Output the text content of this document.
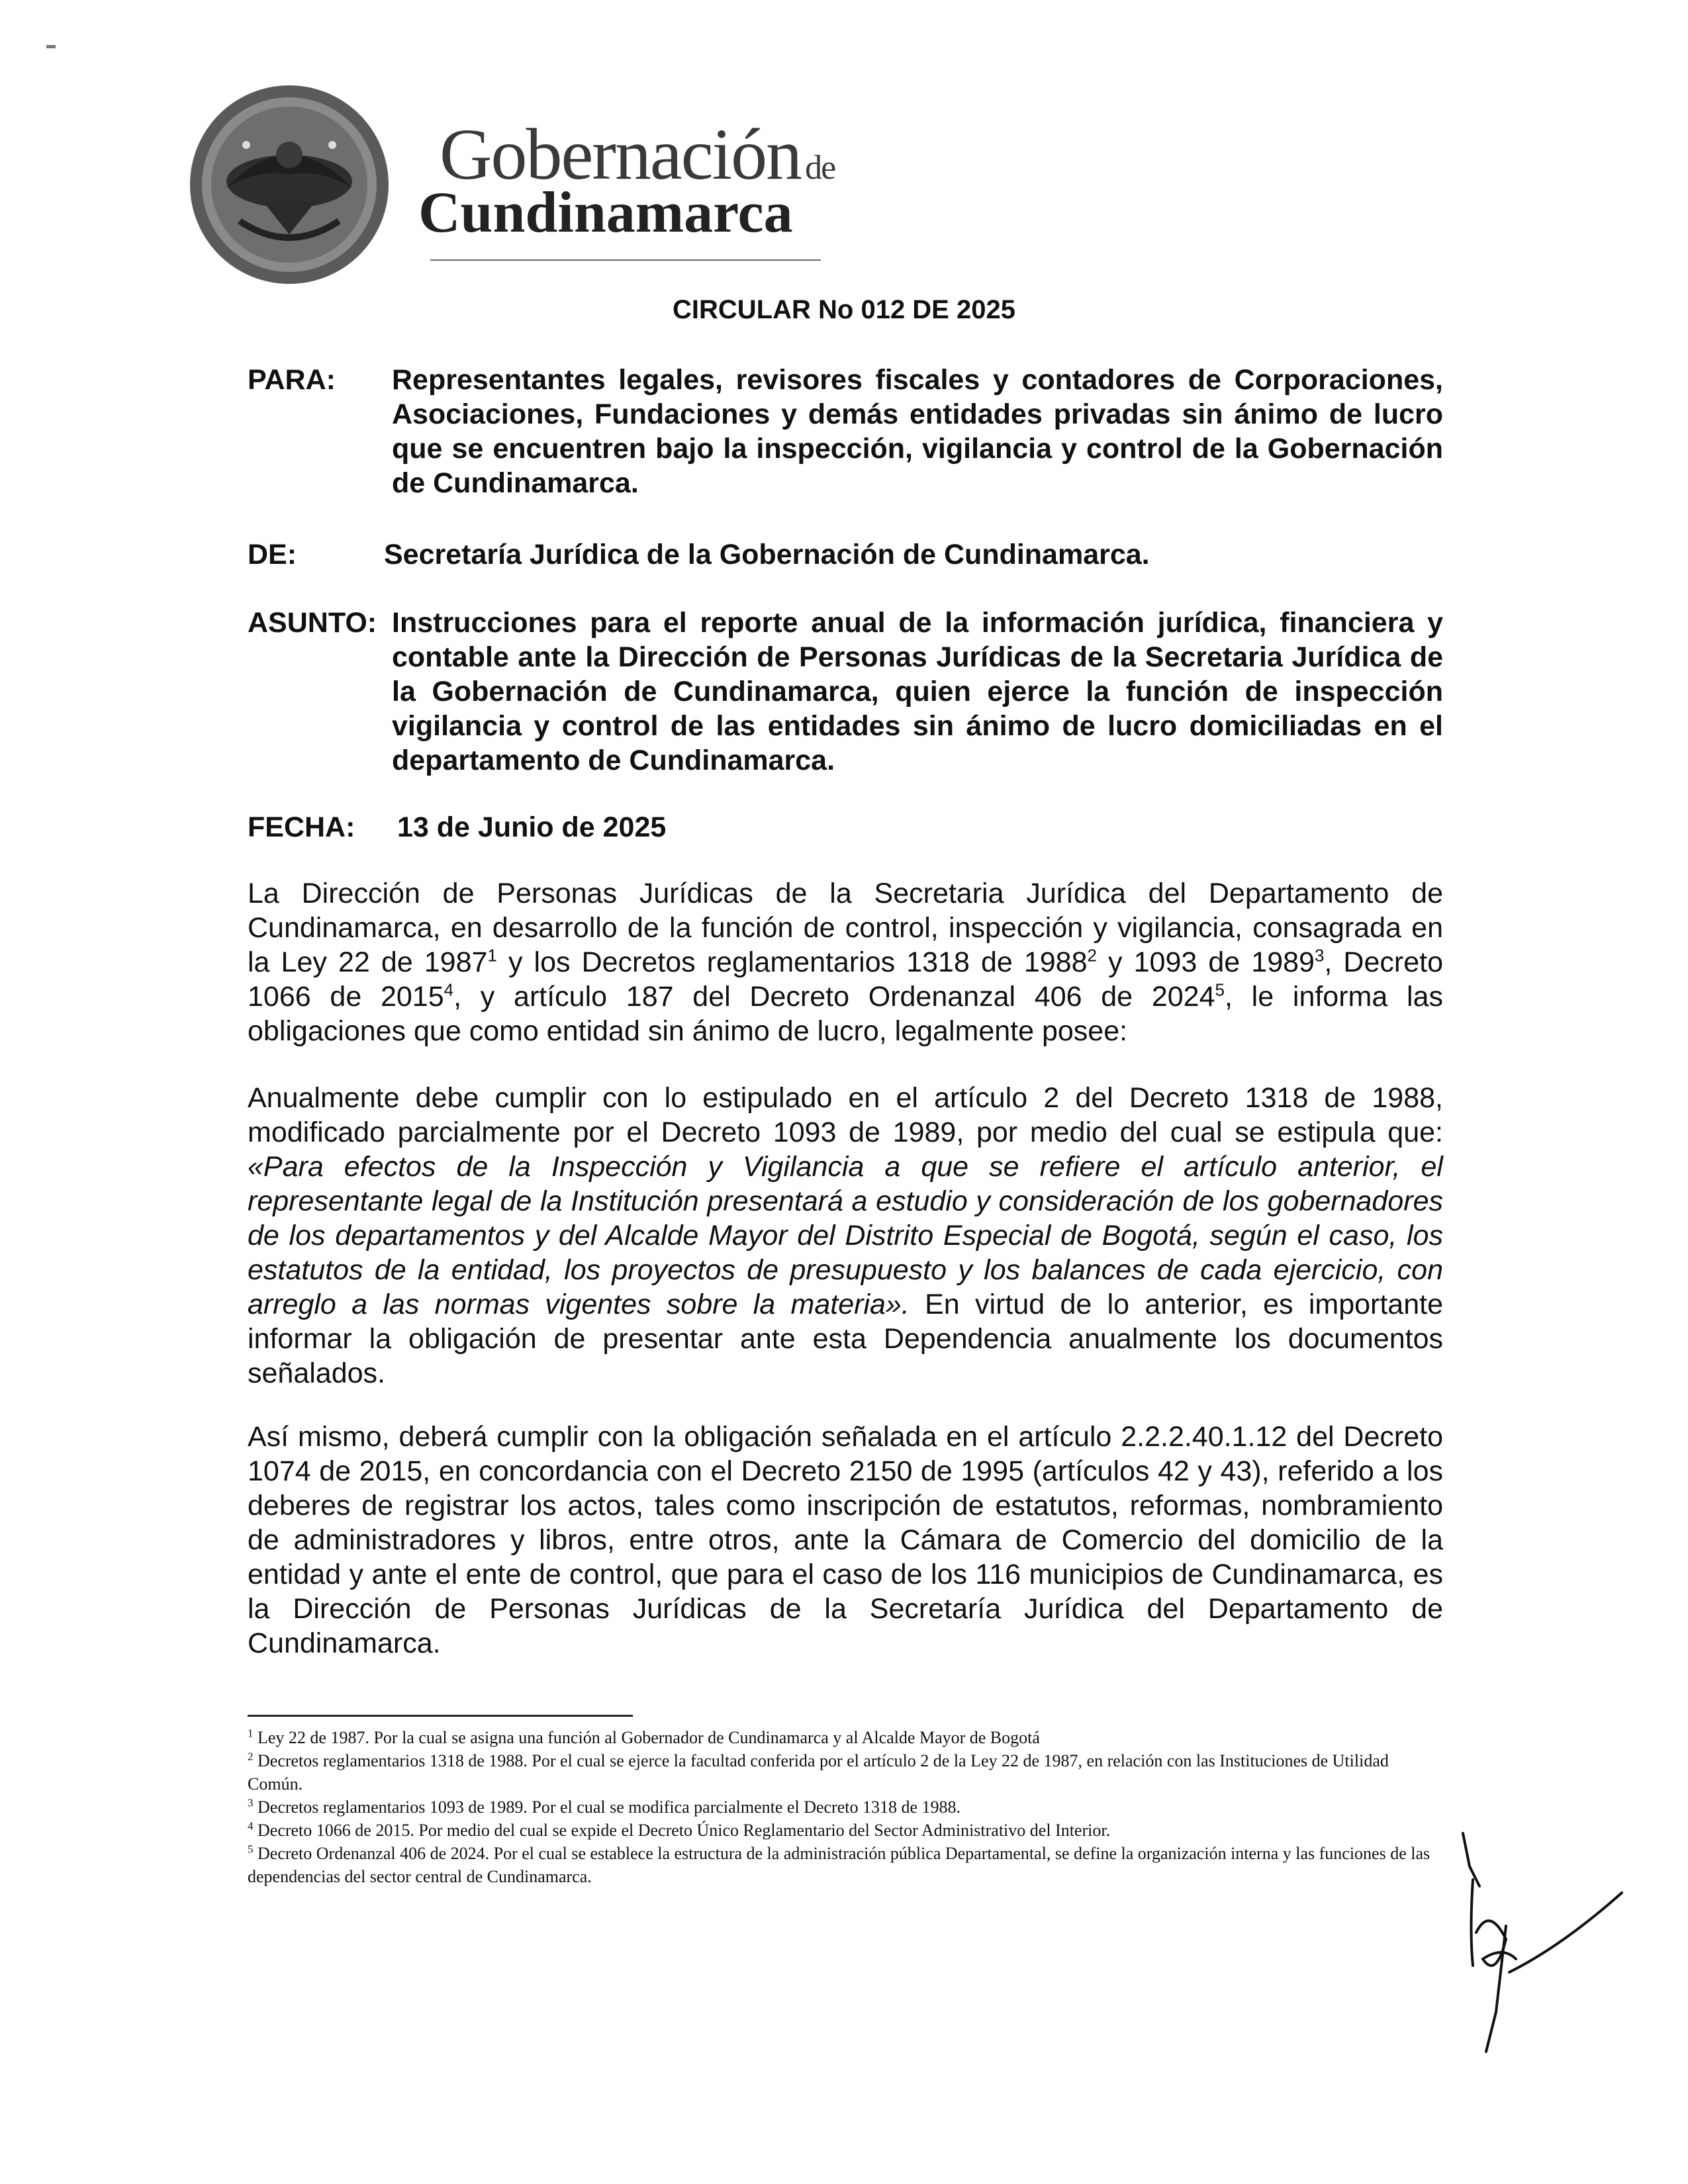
Gobernación de
Cundinamarca
CIRCULAR No 012 DE 2025
PARA: Representantes legales, revisores fiscales y contadores de Corporaciones, Asociaciones, Fundaciones y demás entidades privadas sin ánimo de lucro que se encuentren bajo la inspección, vigilancia y control de la Gobernación de Cundinamarca.
DE:	Secretaría Jurídica de la Gobernación de Cundinamarca.
ASUNTO: Instrucciones para el reporte anual de la información jurídica, financiera y contable ante la Dirección de Personas Jurídicas de la Secretaria Jurídica de la Gobernación de Cundinamarca, quien ejerce la función de inspección vigilancia y control de las entidades sin ánimo de lucro domiciliadas en el departamento de Cundinamarca.
FECHA: 13 de Junio de 2025

La Dirección de Personas Jurídicas de la Secretaria Jurídica del Departamento de Cundinamarca, en desarrollo de la función de control, inspección y vigilancia, consagrada en la Ley 22 de 1987$^1$ y los Decretos reglamentarios 1318 de 1988$^2$ y 1093 de 1989$^3$, Decreto 1066 de 2015$^4$, y artículo 187 del Decreto Ordenanzal 406 de 2024$^5$, le informa las obligaciones que como entidad sin ánimo de lucro, legalmente posee:

Anualmente debe cumplir con lo estipulado en el artículo 2 del Decreto 1318 de 1988, modificado parcialmente por el Decreto 1093 de 1989, por medio del cual se estipula que: «Para efectos de la Inspección y Vigilancia a que se refiere el artículo anterior, el representante legal de la Institución presentará a estudio y consideración de los gobernadores de los departamentos y del Alcalde Mayor del Distrito Especial de Bogotá, según el caso, los estatutos de la entidad, los proyectos de presupuesto y los balances de cada ejercicio, con arreglo a las normas vigentes sobre la materia». En virtud de lo anterior, es importante informar la obligación de presentar ante esta Dependencia anualmente los documentos señalados.

Así mismo, deberá cumplir con la obligación señalada en el artículo 2.2.2.40.1.12 del Decreto 1074 de 2015, en concordancia con el Decreto 2150 de 1995 (artículos 42 y 43), referido a los deberes de registrar los actos, tales como inscripción de estatutos, reformas, nombramiento de administradores y libros, entre otros, ante la Cámara de Comercio del domicilio de la entidad y ante el ente de control, que para el caso de los 116 municipios de Cundinamarca, es la Dirección de Personas Jurídicas de la Secretaría Jurídica del Departamento de Cundinamarca.

$^1$ Ley 22 de 1987. Por la cual se asigna una función al Gobernador de Cundinamarca y al Alcalde Mayor de Bogotá

$^2$ Decretos reglamentarios 1318 de 1988. Por el cual se ejerce la facultad conferida por el artículo 2 de la Ley 22 de 1987, en relación con las Instituciones de Utilidad Común.

$^3$ Decretos reglamentarios 1093 de 1989. Por el cual se modifica parcialmente el Decreto 1318 de 1988.

$^4$ Decreto 1066 de 2015. Por medio del cual se expide el Decreto Único Reglamentario del Sector Administrativo del Interior.

$^5$ Decreto Ordenanzal 406 de 2024. Por el cual se establece la estructura de la administración pública Departamental, se define la organización interna y las funciones de las dependencias del sector central de Cundinamarca.
